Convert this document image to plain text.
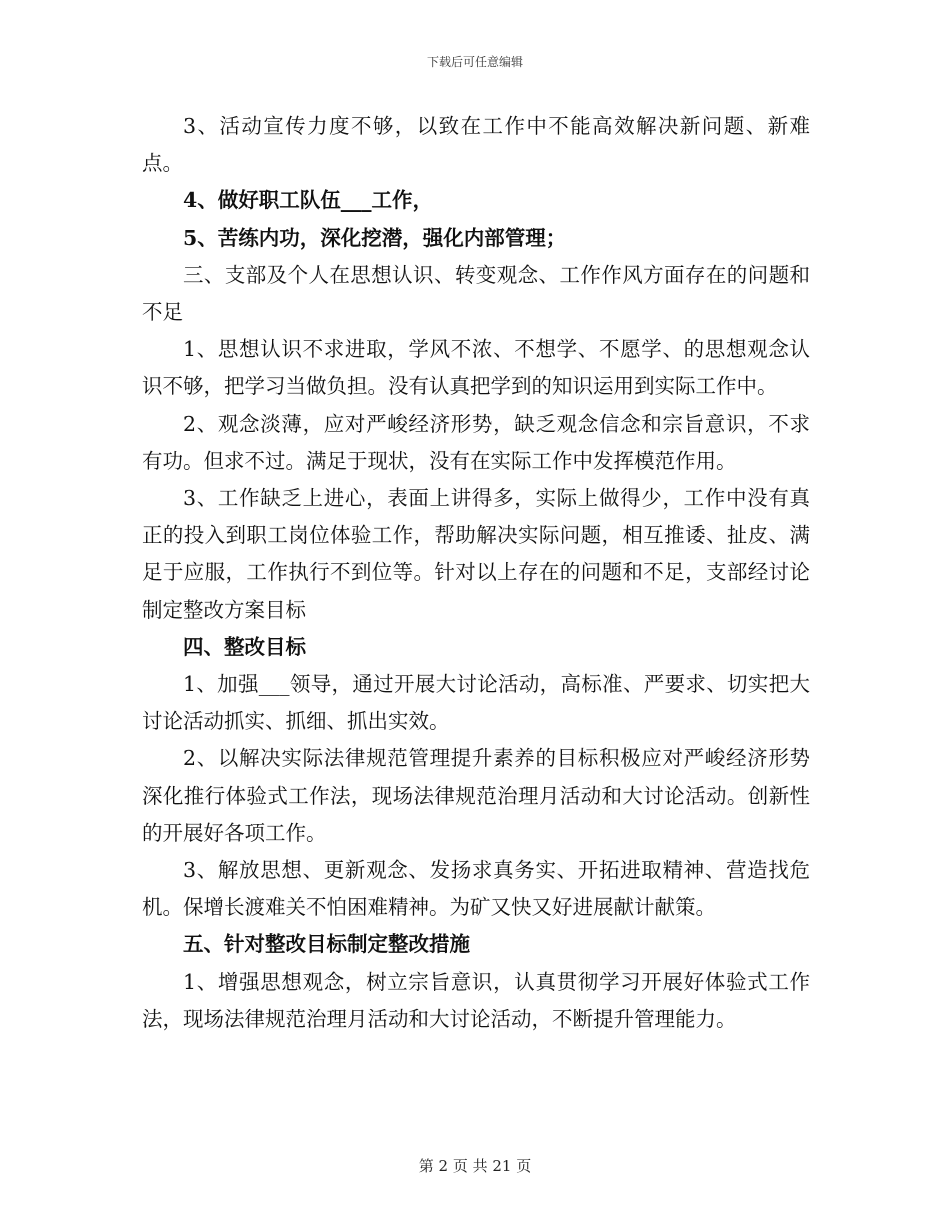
下载后可任意编辑

3、活动宣传力度不够，以致在工作中不能高效解决新问题、新难点。

4、做好职工队伍___工作，

5、苦练内功，深化挖潜，强化内部管理；

三、支部及个人在思想认识、转变观念、工作作风方面存在的问题和不足

1、思想认识不求进取，学风不浓、不想学、不愿学、的思想观念认识不够，把学习当做负担。没有认真把学到的知识运用到实际工作中。

2、观念淡薄，应对严峻经济形势，缺乏观念信念和宗旨意识，不求有功。但求不过。满足于现状，没有在实际工作中发挥模范作用。

3、工作缺乏上进心，表面上讲得多，实际上做得少，工作中没有真正的投入到职工岗位体验工作，帮助解决实际问题，相互推诿、扯皮、满足于应服，工作执行不到位等。针对以上存在的问题和不足，支部经讨论制定整改方案目标

四、整改目标

1、加强___领导，通过开展大讨论活动，高标准、严要求、切实把大讨论活动抓实、抓细、抓出实效。

2、以解决实际法律规范管理提升素养的目标积极应对严峻经济形势深化推行体验式工作法，现场法律规范治理月活动和大讨论活动。创新性的开展好各项工作。

3、解放思想、更新观念、发扬求真务实、开拓进取精神、营造找危机。保增长渡难关不怕困难精神。为矿又快又好进展献计献策。

五、针对整改目标制定整改措施

1、增强思想观念，树立宗旨意识，认真贯彻学习开展好体验式工作法，现场法律规范治理月活动和大讨论活动，不断提升管理能力。

第 2 页 共 21 页
